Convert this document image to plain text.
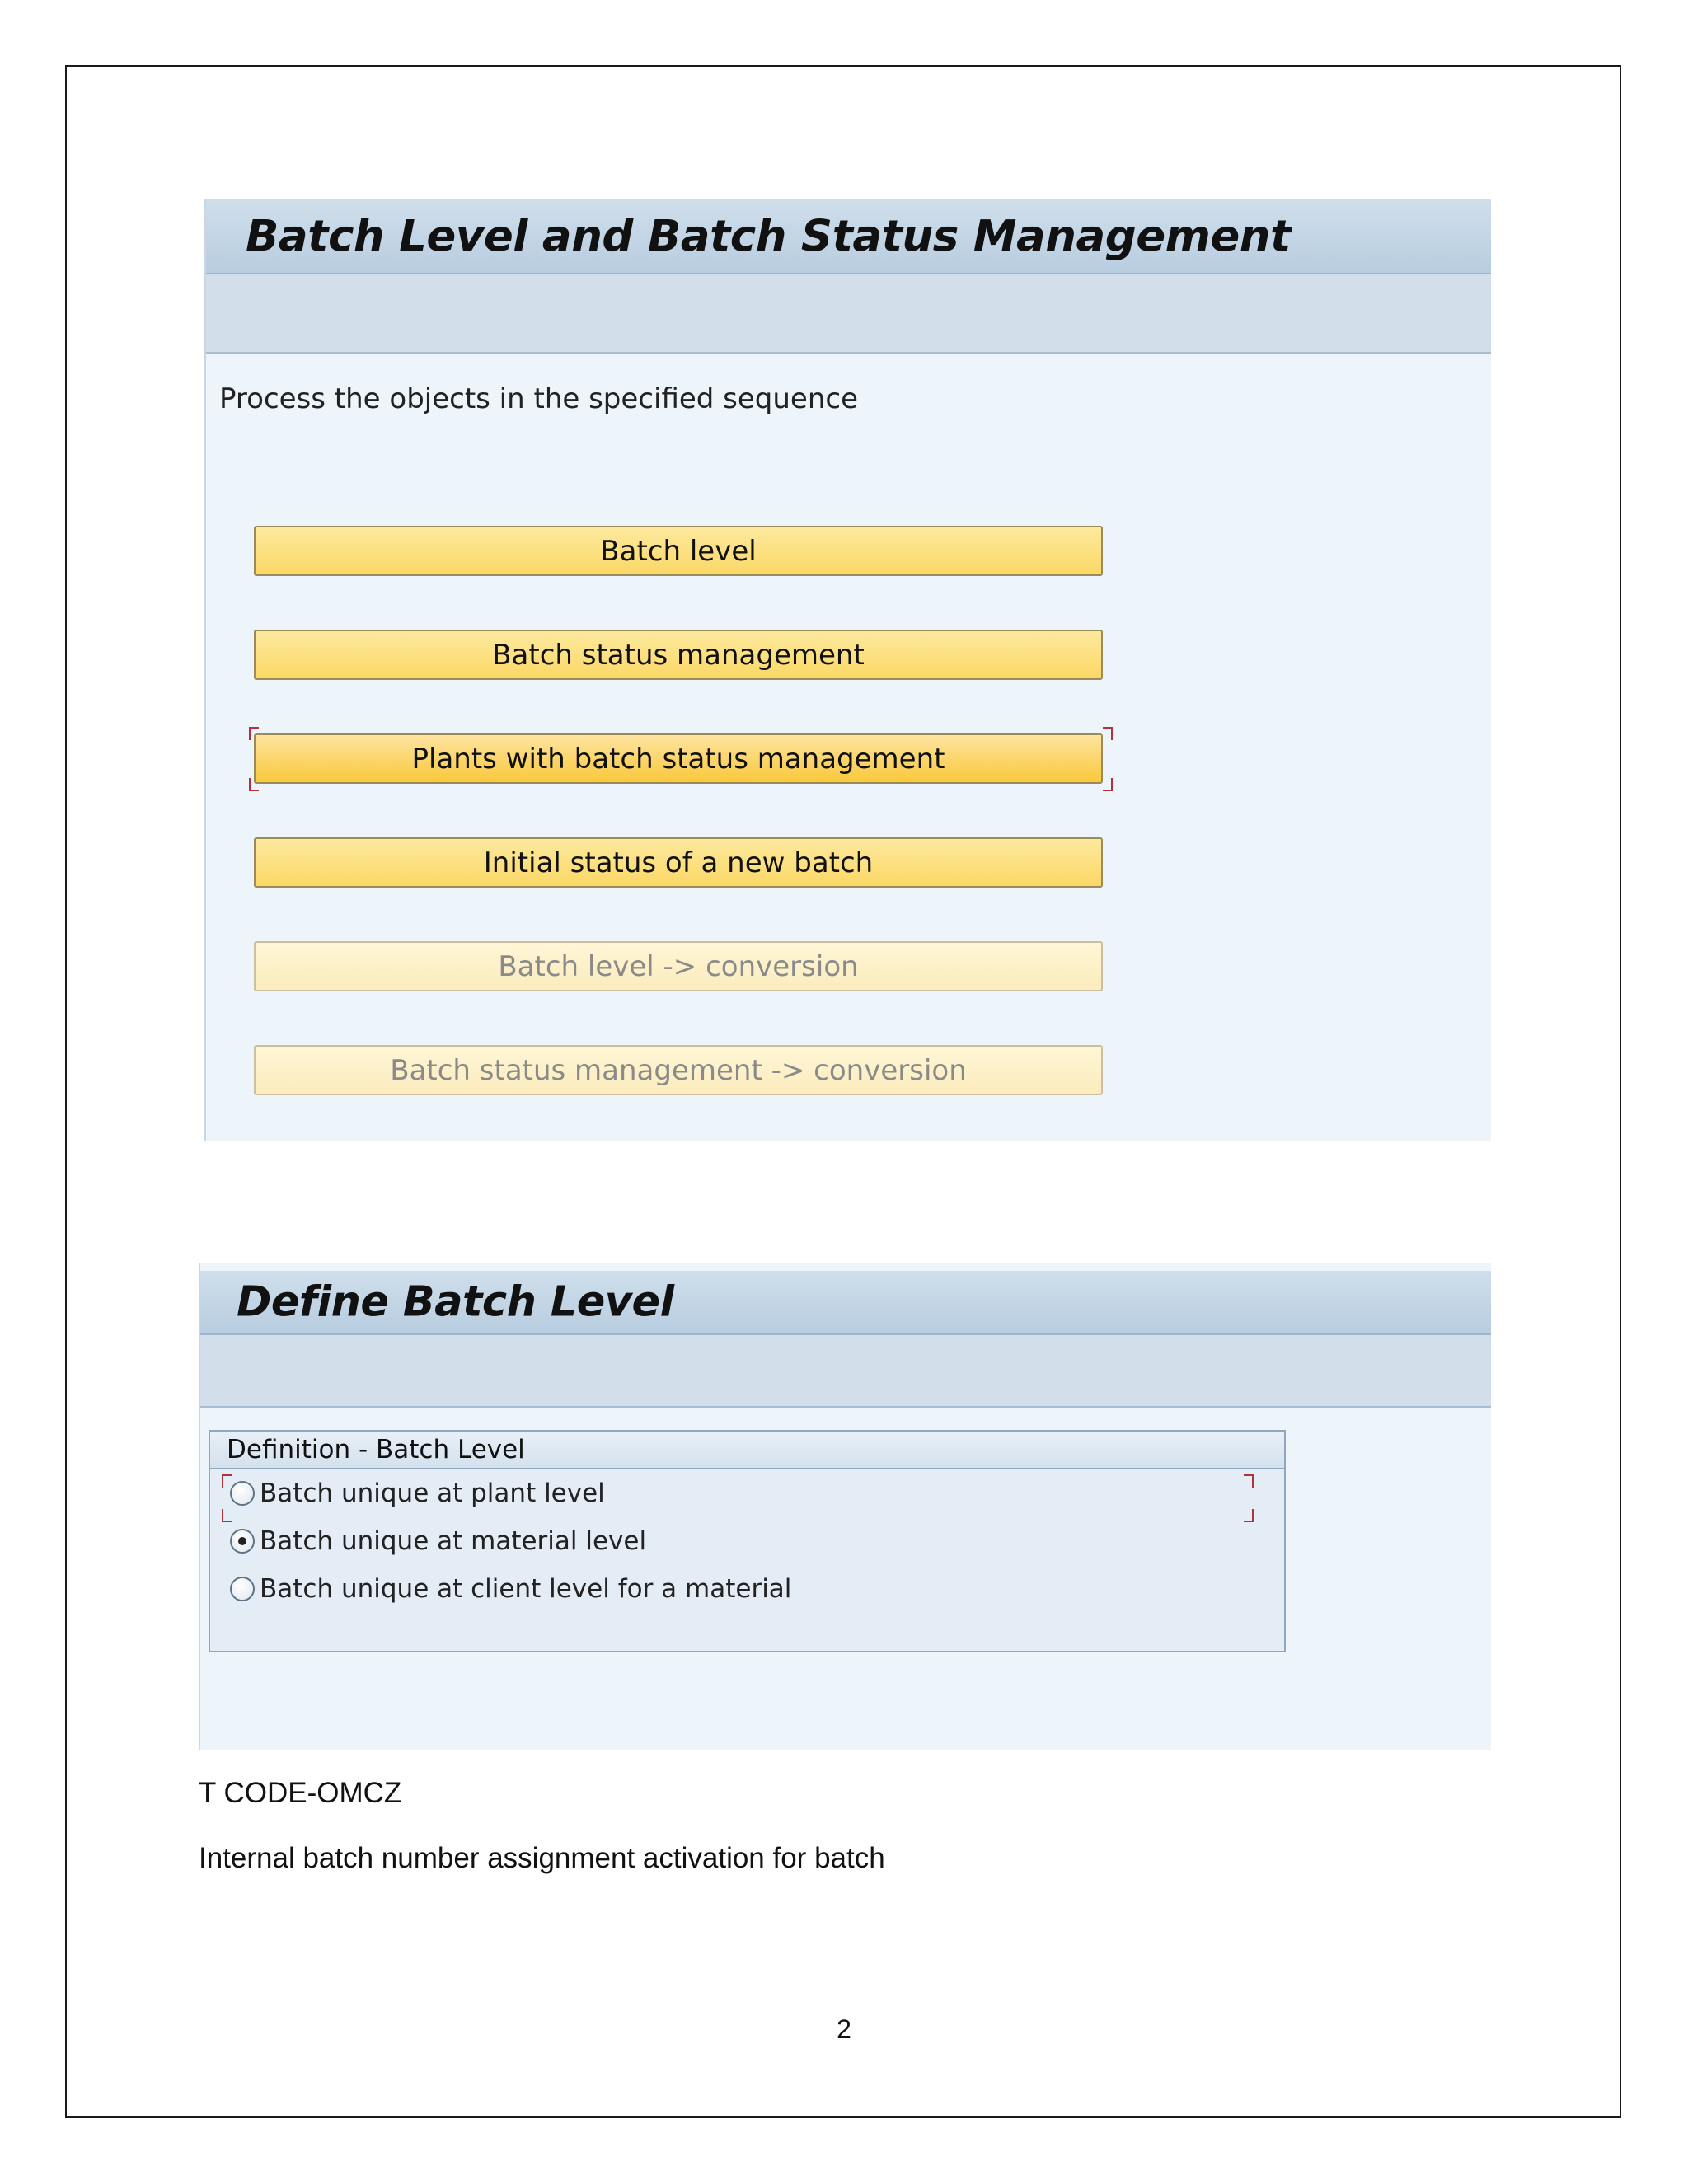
Batch Level and Batch Status Management
Process the objects in the specified sequence
Batch level
Batch status management
Plants with batch status management
Initial status of a new batch
Batch level -> conversion
Batch status management -> conversion
Define Batch Level
Definition - Batch Level
Batch unique at plant level
Batch unique at material level
Batch unique at client level for a material
T CODE-OMCZ
Internal batch number assignment activation for batch
2
